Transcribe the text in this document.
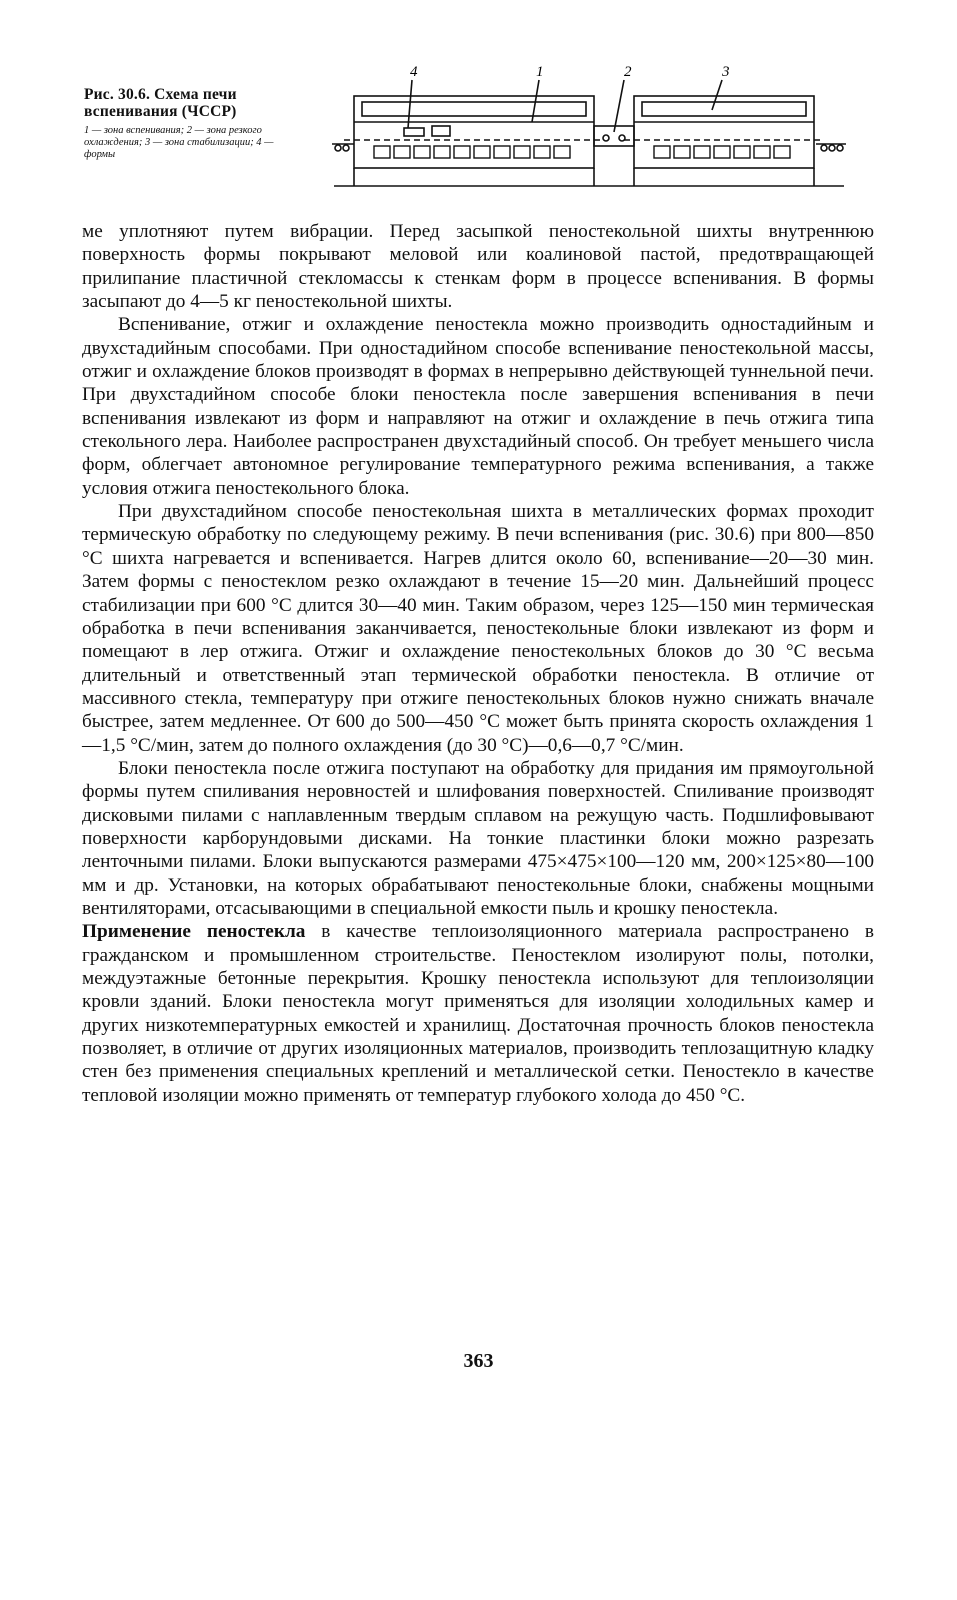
Рис. 30.6. Схема печи вспенивания (ЧССР)

1 — зона вспенивания; 2 — зона резкого охлаждения; 3 — зона стабилизации; 4 — формы
4	1	2	3

ме уплотняют путем вибрации. Перед засыпкой пеностекольной шихты внутреннюю поверхность формы покрывают меловой или коалиновой пастой, предотвращающей прилипание пластичной стекломассы к стенкам форм в процессе вспенивания. В формы засыпают до 4—5 кг пеностекольной шихты.

Вспенивание, отжиг и охлаждение пеностекла можно производить одностадийным и двухстадийным способами. При одностадийном способе вспенивание пеностекольной массы, отжиг и охлаждение блоков производят в формах в непрерывно действующей туннельной печи. При двухстадийном способе блоки пеностекла после завершения вспенивания в печи вспенивания извлекают из форм и направляют на отжиг и охлаждение в печь отжига типа стекольного лера. Наиболее распространен двухстадийный способ. Он требует меньшего числа форм, облегчает автономное регулирование температурного режима вспенивания, а также условия отжига пеностекольного блока.

При двухстадийном способе пеностекольная шихта в металлических формах проходит термическую обработку по следующему режиму. В печи вспенивания (рис. 30.6) при 800—850 °С шихта нагревается и вспенивается. Нагрев длится около 60, вспенивание—20—30 мин. Затем формы с пеностеклом резко охлаждают в течение 15—20 мин. Дальнейший процесс стабилизации при 600 °С длится 30—40 мин. Таким образом, через 125—150 мин термическая обработка в печи вспенивания заканчивается, пеностекольные блоки извлекают из форм и помещают в лер отжига. Отжиг и охлаждение пеностекольных блоков до 30 °С весьма длительный и ответственный этап термической обработки пеностекла. В отличие от массивного стекла, температуру при отжиге пеностекольных блоков нужно снижать вначале быстрее, затем медленнее. От 600 до 500—450 °С может быть принята скорость охлаждения 1—1,5 °С/мин, затем до полного охлаждения (до 30 °С)—0,6—0,7 °С/мин.

Блоки пеностекла после отжига поступают на обработку для придания им прямоугольной формы путем спиливания неровностей и шлифования поверхностей. Спиливание производят дисковыми пилами с наплавленным твердым сплавом на режущую часть. Подшлифовывают поверхности карборундовыми дисками. На тонкие пластинки блоки можно разрезать ленточными пилами. Блоки выпускаются размерами 475×475×100—120 мм, 200×125×80—100 мм и др. Установки, на которых обрабатывают пеностекольные блоки, снабжены мощными вентиляторами, отсасывающими в специальной емкости пыль и крошку пеностекла.

Применение пеностекла в качестве теплоизоляционного материала распространено в гражданском и промышленном строительстве. Пеностеклом изолируют полы, потолки, междуэтажные бетонные перекрытия. Крошку пеностекла используют для теплоизоляции кровли зданий. Блоки пеностекла могут применяться для изоляции холодильных камер и других низкотемпературных емкостей и хранилищ. Достаточная прочность блоков пеностекла позволяет, в отличие от других изоляционных материалов, производить теплозащитную кладку стен без применения специальных креплений и металлической сетки. Пеностекло в качестве тепловой изоляции можно применять от температур глубокого холода до 450 °С.

363
